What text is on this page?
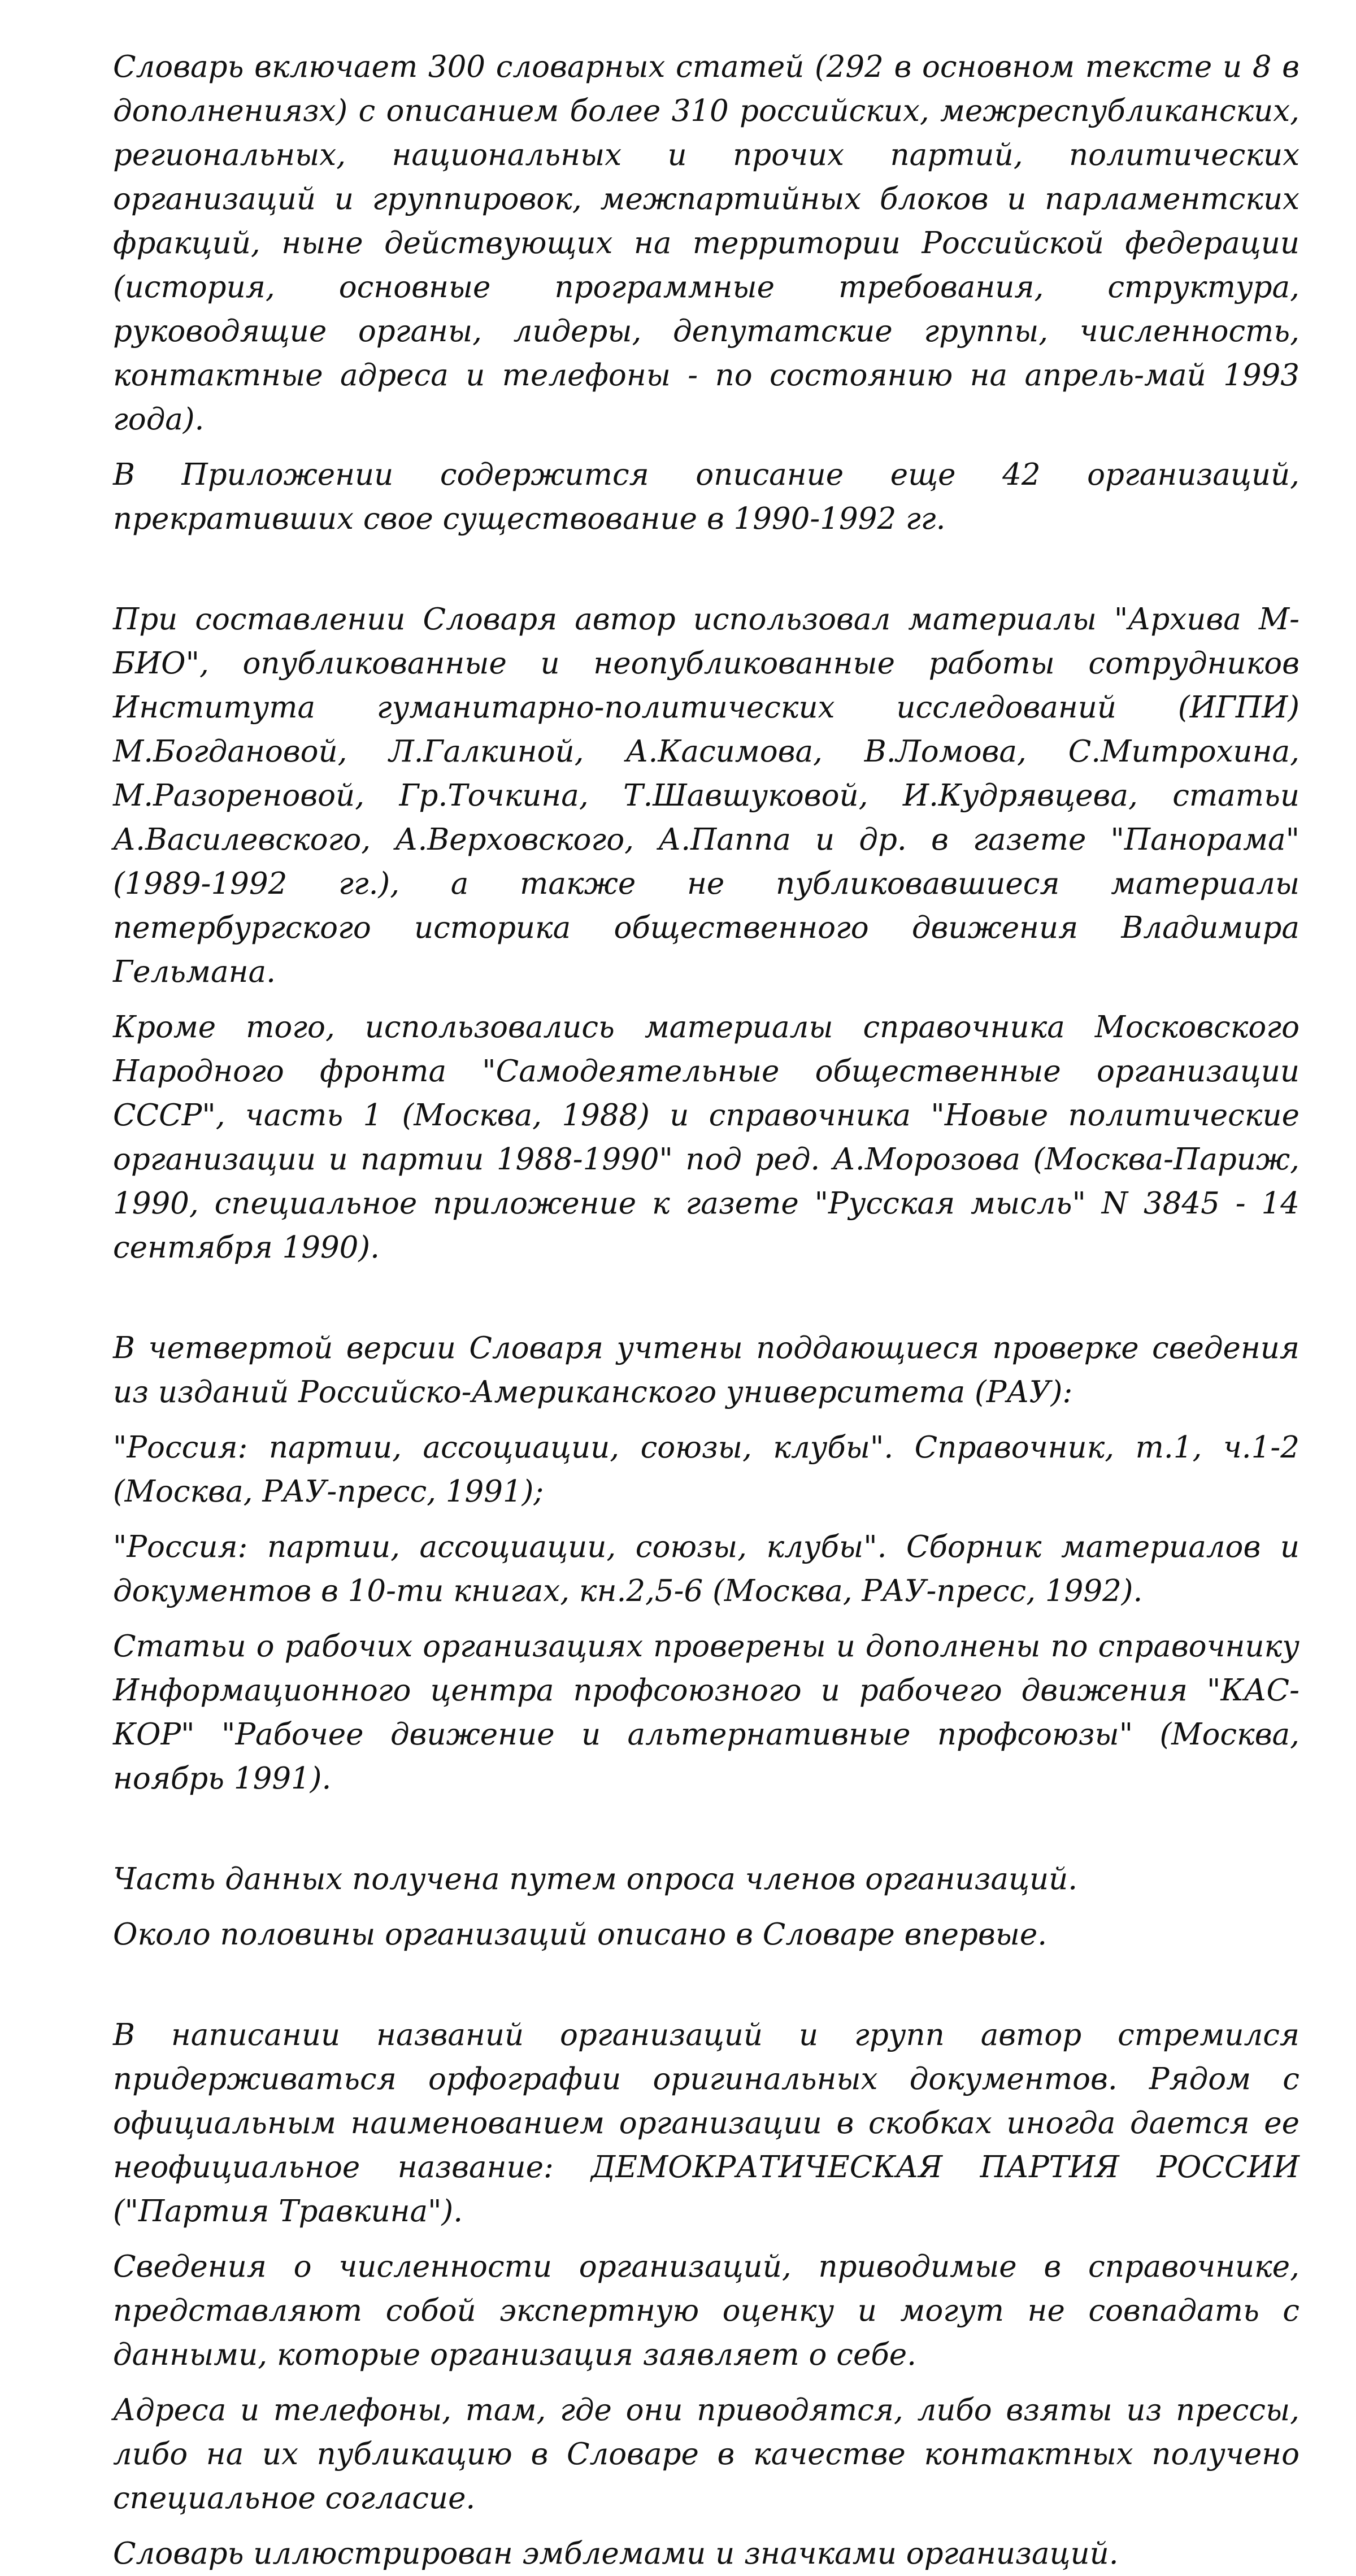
Словарь включает 300 словарных статей (292 в основном тексте и 8 в дополнениязх) с описанием более 310 российских, межреспубликанских, региональных, национальных и прочих партий, политических организаций и группировок, межпартийных блоков и парламентских фракций, ныне действующих на территории Российской федерации (история, основные программные требования, структура, руководящие органы, лидеры, депутатские группы, численность, контактные адреса и телефоны - по состоянию на апрель-май 1993 года).

В Приложении содержится описание еще 42 организаций, прекративших свое существование в 1990-1992 гг.

При составлении Словаря автор использовал материалы "Архива М-БИО", опубликованные и неопубликованные работы сотрудников Института гуманитарно-политических исследований (ИГПИ) М.Богдановой, Л.Галкиной, А.Касимова, В.Ломова, С.Митрохина, М.Разореновой, Гр.Точкина, Т.Шавшуковой, И.Кудрявцева, статьи А.Василевского, А.Верховского, А.Паппа и др. в газете "Панорама" (1989-1992 гг.), а также не публиковавшиеся материалы петербургского историка общественного движения Владимира Гельмана.

Кроме того, использовались материалы справочника Московского Народного фронта "Самодеятельные общественные организации СССР", часть 1 (Москва, 1988) и справочника "Новые политические организации и партии 1988-1990" под ред. А.Морозова (Москва-Париж, 1990, специальное приложение к газете "Русская мысль" N 3845 - 14 сентября 1990).

В четвертой версии Словаря учтены поддающиеся проверке сведения из изданий Российско-Американского университета (РАУ):

"Россия: партии, ассоциации, союзы, клубы". Справочник, т.1, ч.1-2 (Москва, РАУ-пресс, 1991);

"Россия: партии, ассоциации, союзы, клубы". Сборник материалов и документов в 10-ти книгах, кн.2,5-6 (Москва, РАУ-пресс, 1992).

Статьи о рабочих организациях проверены и дополнены по справочнику Информационного центра профсоюзного и рабочего движения "КАС-КОР" "Рабочее движение и альтернативные профсоюзы" (Москва, ноябрь 1991).

Часть данных получена путем опроса членов организаций.

Около половины организаций описано в Словаре впервые.

В написании названий организаций и групп автор стремился придерживаться орфографии оригинальных документов. Рядом с официальным наименованием организации в скобках иногда дается ее неофициальное название: ДЕМОКРАТИЧЕСКАЯ ПАРТИЯ РОССИИ ("Партия Травкина").

Сведения о численности организаций, приводимые в справочнике, представляют собой экспертную оценку и могут не совпадать с данными, которые организация заявляет о себе.

Адреса и телефоны, там, где они приводятся, либо взяты из прессы, либо на их публикацию в Словаре в качестве контактных получено специальное согласие.

Словарь иллюстрирован эмблемами и значками организаций.
